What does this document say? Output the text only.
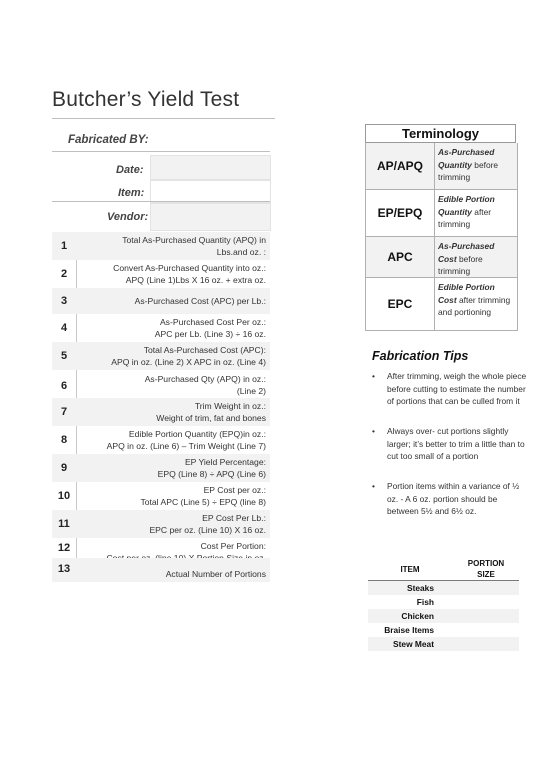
Butcher’s Yield Test
Fabricated BY:
Date:
Item:
Vendor:
1	Total As-Purchased Quantity (APQ) in
Lbs.and oz. :
2	Convert As-Purchased Quantity into oz.:
APQ (Line 1)Lbs X 16 oz. + extra oz.
3	As-Purchased Cost (APC) per Lb.:
4	As-Purchased Cost Per oz.:
APC per Lb. (Line 3) ÷ 16 oz.
5	Total As-Purchased Cost (APC):
APQ in oz. (Line 2) X APC in oz. (Line 4)
6
As-Purchased Qty (APQ) in oz.:
(Line 2)
7	Trim Weight in oz.:
Weight of trim, fat and bones
8	Edible Portion Quantity (EPQ)in oz.:
APQ in oz. (Line 6) – Trim Weight (Line 7)
9	EP Yield Percentage:
EPQ (Line 8) ÷ APQ (Line 6)
10	EP Cost per oz.:
Total APC (Line 5) ÷ EPQ (line 8)
11	EP Cost Per Lb.:
EPC per oz. (Line 10) X 16 oz.
12	Cost Per Portion:
13	Actual Number of Portions
Terminology
AP/APQ
As-Purchased Quantity before trimming
EP/EPQ
Edible Portion Quantity after trimming
APC
As-Purchased Cost before trimming
EPC
Edible Portion Cost after trimming and portioning
Fabrication Tips
• After trimming, weigh the whole piece before cutting to estimate the number of portions that can be culled from it
• Always over- cut portions slightly larger; it’s better to trim a little than to cut too small of a portion
• Portion items within a variance of ½ oz. - A 6 oz. portion should be between 5½ and 6½ oz.
ITEM
PORTION SIZE
Steaks
Fish
Chicken
Braise Items
Stew Meat
